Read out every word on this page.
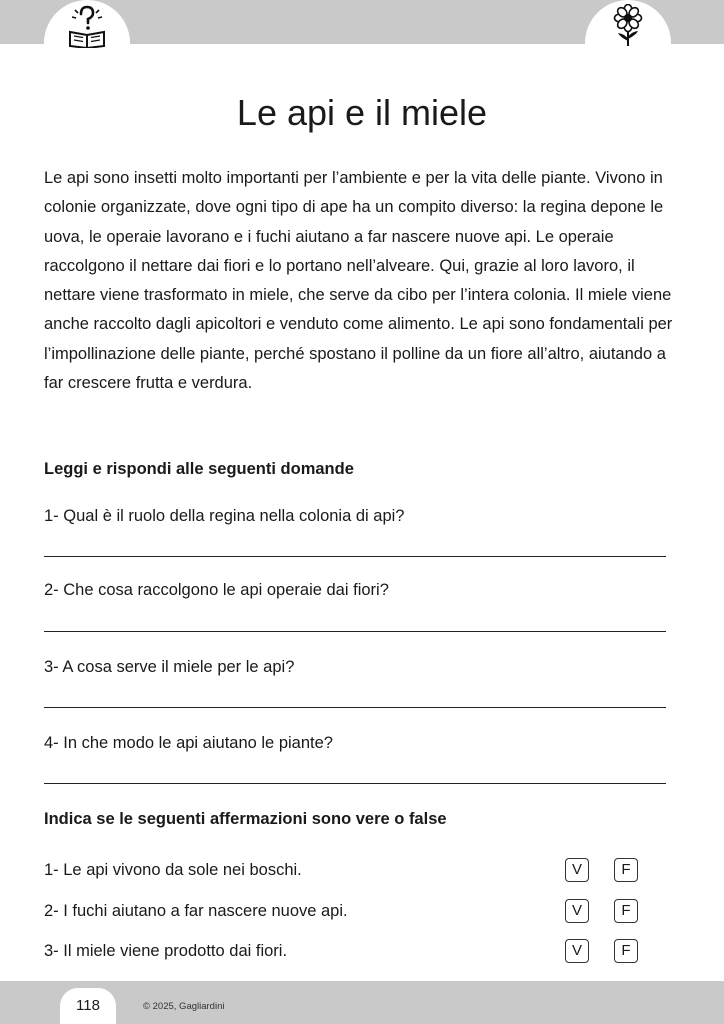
Le api e il miele

Le api sono insetti molto importanti per l’ambiente e per la vita delle piante. Vivono in colonie organizzate, dove ogni tipo di ape ha un compito diverso: la regina depone le uova, le operaie lavorano e i fuchi aiutano a far nascere nuove api. Le operaie raccolgono il nettare dai fiori e lo portano nell’alveare. Qui, grazie al loro lavoro, il nettare viene trasformato in miele, che serve da cibo per l’intera colonia. Il miele viene anche raccolto dagli apicoltori e venduto come alimento. Le api sono fondamentali per l’impollinazione delle piante, perché spostano il polline da un fiore all’altro, aiutando a far crescere frutta e verdura.

Leggi e rispondi alle seguenti domande

1- Qual è il ruolo della regina nella colonia di api?

2- Che cosa raccolgono le api operaie dai fiori?

3- A cosa serve il miele per le api?

4- In che modo le api aiutano le piante?

Indica se le seguenti affermazioni sono vere o false

1- Le api vivono da sole nei boschi.	V	F
2- I fuchi aiutano a far nascere nuove api.	V	F
3- Il miele viene prodotto dai fiori.	V	F
118	© 2025, Gagliardini
